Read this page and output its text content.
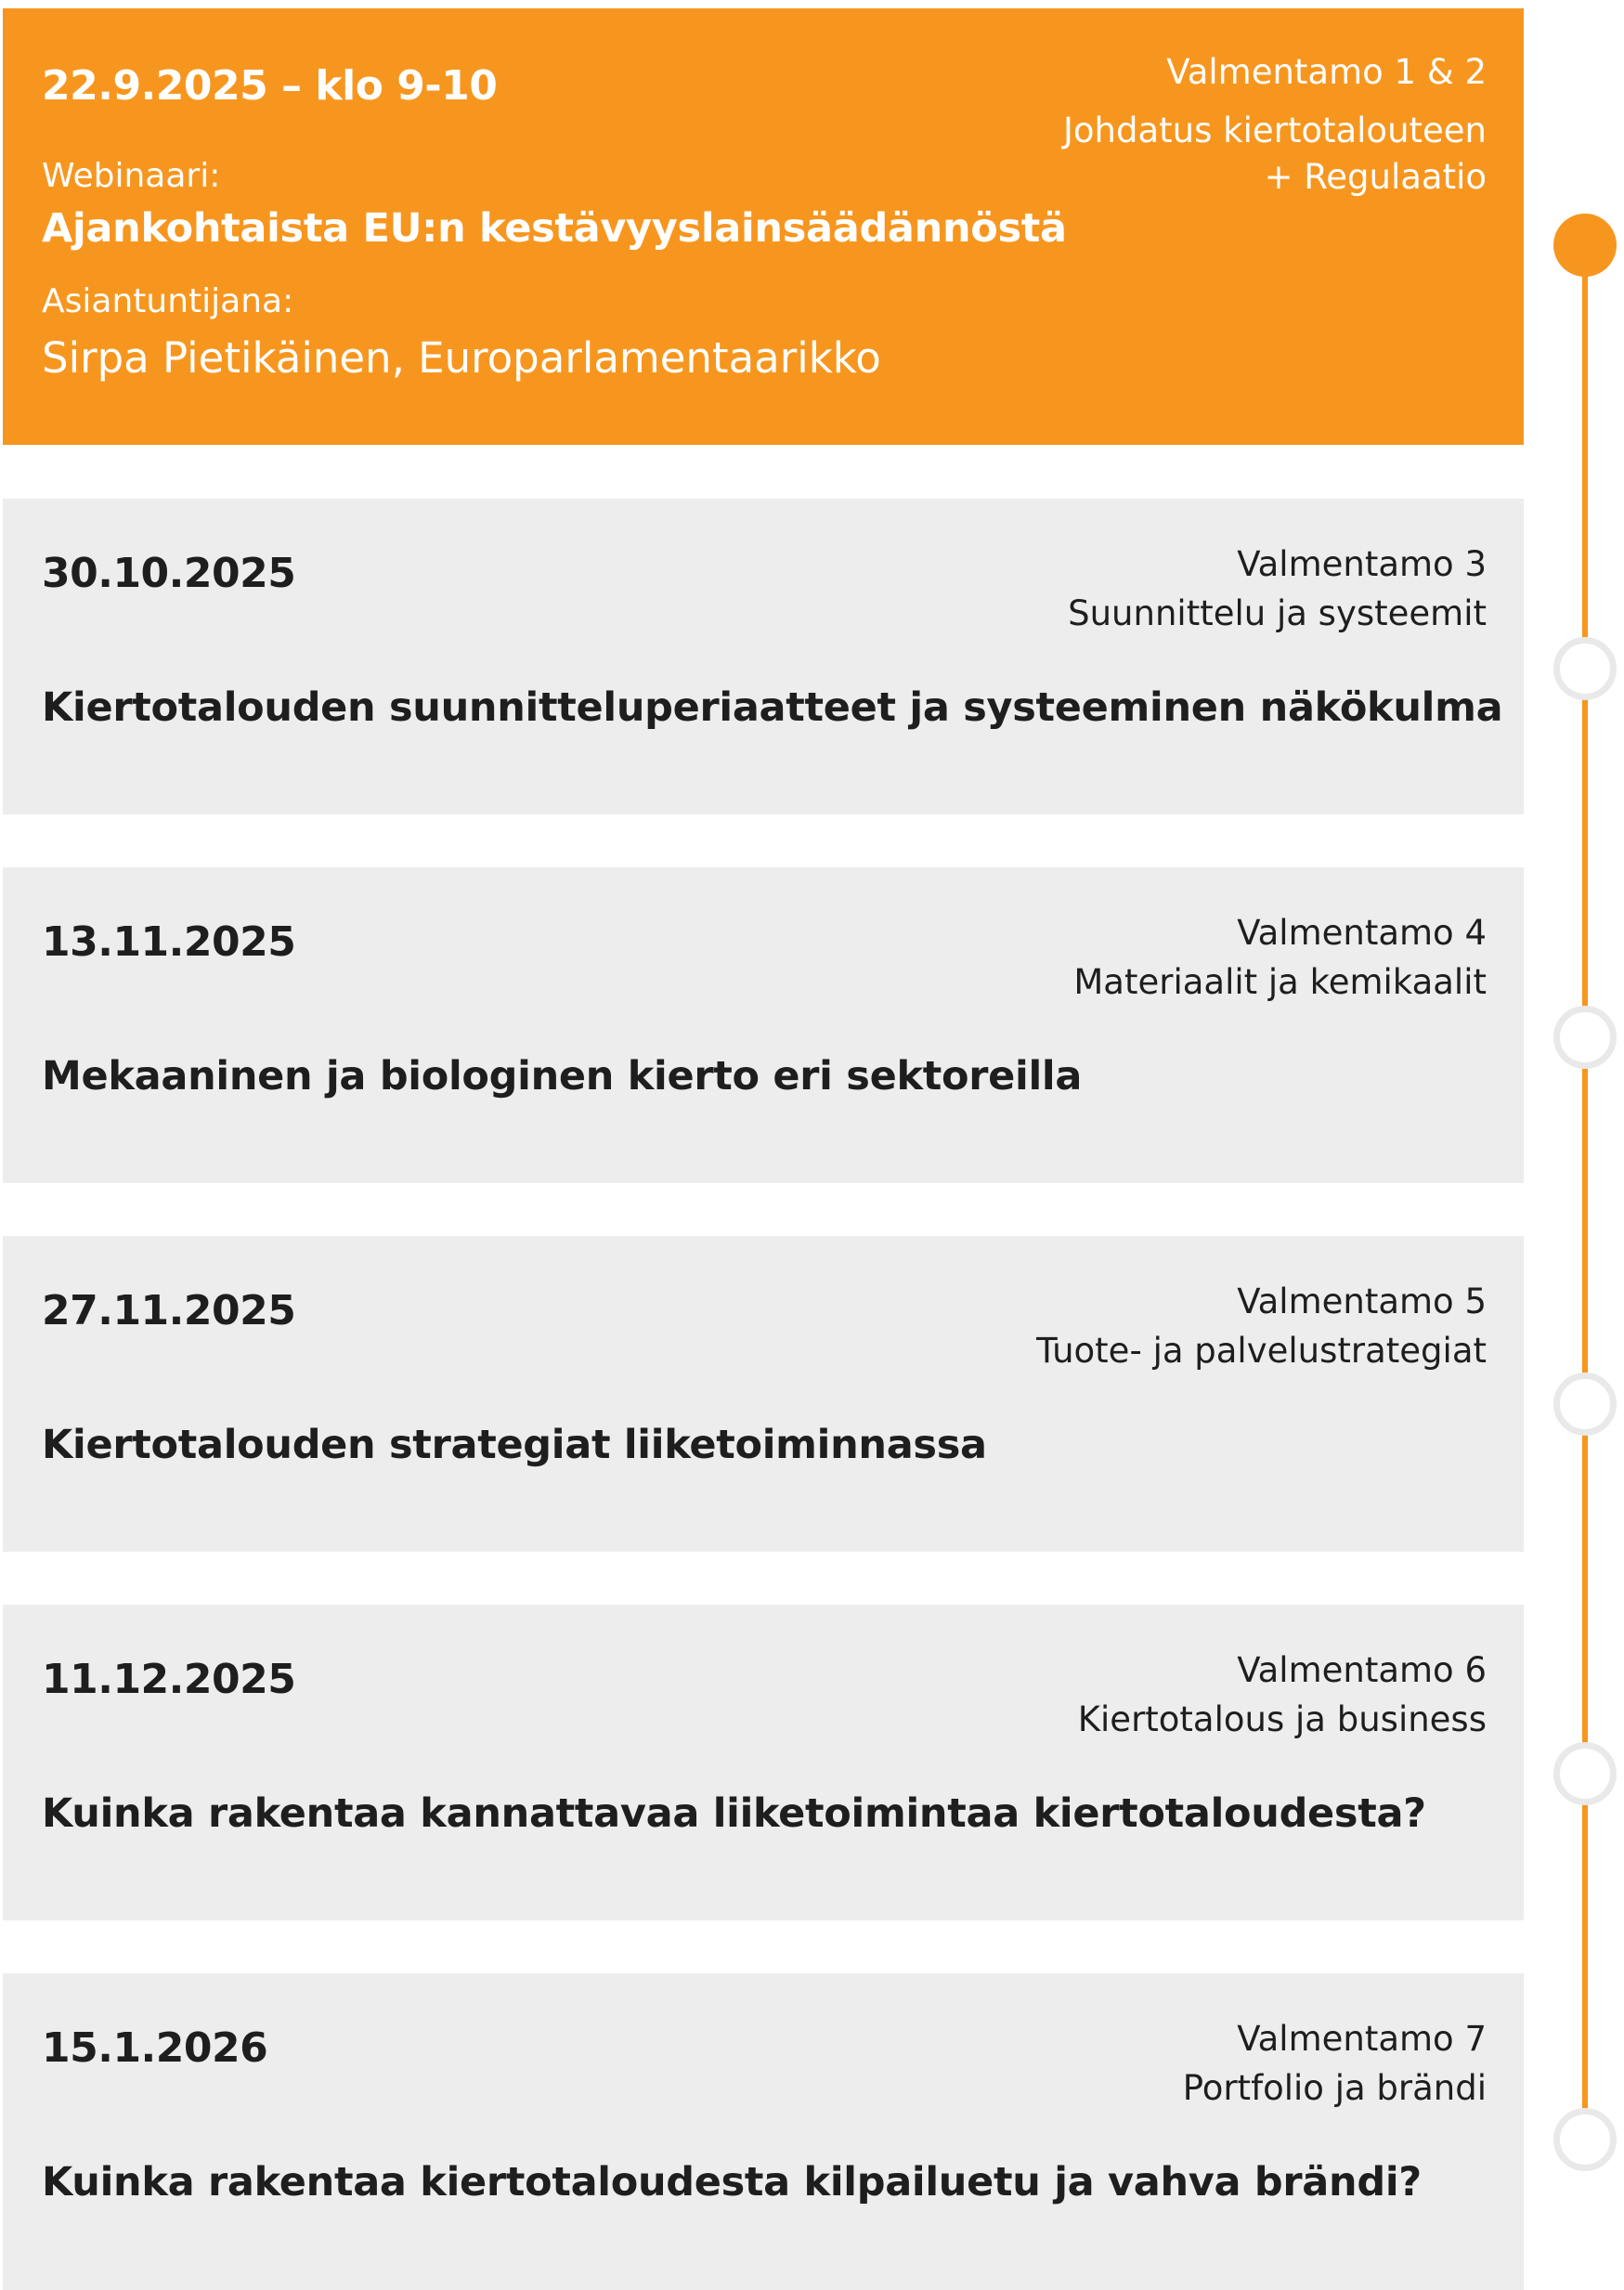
22.9.2025 – klo 9-10	Valmentamo 1 & 2

Johdatus kiertotalouteen

+ Regulaatio

Webinaari:

Ajankohtaista EU:n kestävyyslainsäädännöstä

Asiantuntijana:

Sirpa Pietikäinen, Europarlamentaarikko

30.10.2025	Valmentamo 3

Suunnittelu ja systeemit

Kiertotalouden suunnitteluperiaatteet ja systeeminen näkökulma

13.11.2025	Valmentamo 4

Materiaalit ja kemikaalit

Mekaaninen ja biologinen kierto eri sektoreilla

27.11.2025	Valmentamo 5

Tuote- ja palvelustrategiat

Kiertotalouden strategiat liiketoiminnassa

11.12.2025	Valmentamo 6

Kiertotalous ja business

Kuinka rakentaa kannattavaa liiketoimintaa kiertotaloudesta?

15.1.2026	Valmentamo 7

Portfolio ja brändi

Kuinka rakentaa kiertotaloudesta kilpailuetu ja vahva brändi?
